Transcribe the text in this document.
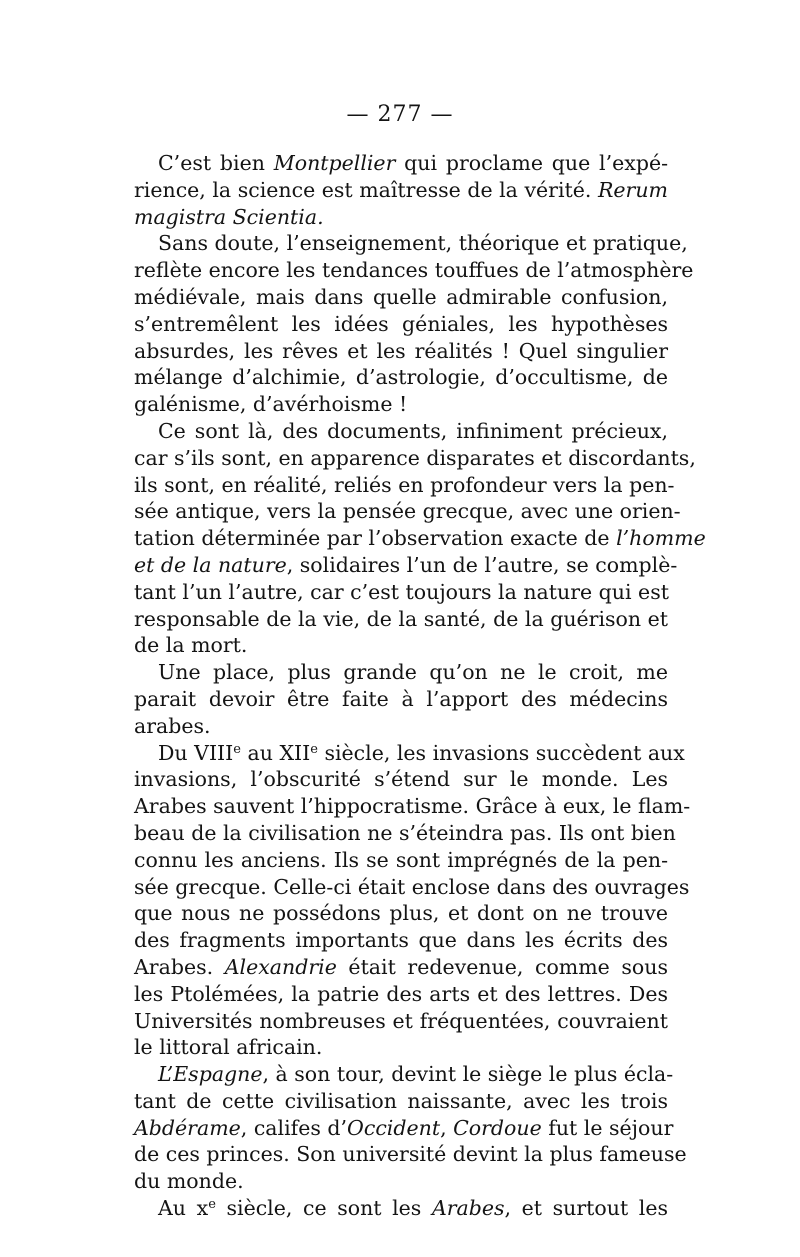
— 277 —
C’est bien Montpellier qui proclame que l’expé-
rience, la science est maîtresse de la vérité. Rerum
magistra Scientia.
Sans doute, l’enseignement, théorique et pratique,
reflète encore les tendances touffues de l’atmosphère
médiévale, mais dans quelle admirable confusion,
s’entremêlent les idées géniales, les hypothèses
absurdes, les rêves et les réalités ! Quel singulier
mélange d’alchimie, d’astrologie, d’occultisme, de
galénisme, d’avérhoisme !
Ce sont là, des documents, infiniment précieux,
car s’ils sont, en apparence disparates et discordants,
ils sont, en réalité, reliés en profondeur vers la pen-
sée antique, vers la pensée grecque, avec une orien-
tation déterminée par l’observation exacte de l’homme
et de la nature, solidaires l’un de l’autre, se complè-
tant l’un l’autre, car c’est toujours la nature qui est
responsable de la vie, de la santé, de la guérison et
de la mort.
Une place, plus grande qu’on ne le croit, me
parait devoir être faite à l’apport des médecins
arabes.
Du VIIIe au XIIe siècle, les invasions succèdent aux
invasions, l’obscurité s’étend sur le monde. Les
Arabes sauvent l’hippocratisme. Grâce à eux, le flam-
beau de la civilisation ne s’éteindra pas. Ils ont bien
connu les anciens. Ils se sont imprégnés de la pen-
sée grecque. Celle-ci était enclose dans des ouvrages
que nous ne possédons plus, et dont on ne trouve
des fragments importants que dans les écrits des
Arabes. Alexandrie était redevenue, comme sous
les Ptolémées, la patrie des arts et des lettres. Des
Universités nombreuses et fréquentées, couvraient
le littoral africain.
L’Espagne, à son tour, devint le siège le plus écla-
tant de cette civilisation naissante, avec les trois
Abdérame, califes d’Occident, Cordoue fut le séjour
de ces princes. Son université devint la plus fameuse
du monde.
Au $x^e$ siècle, ce sont les Arabes, et surtout les
